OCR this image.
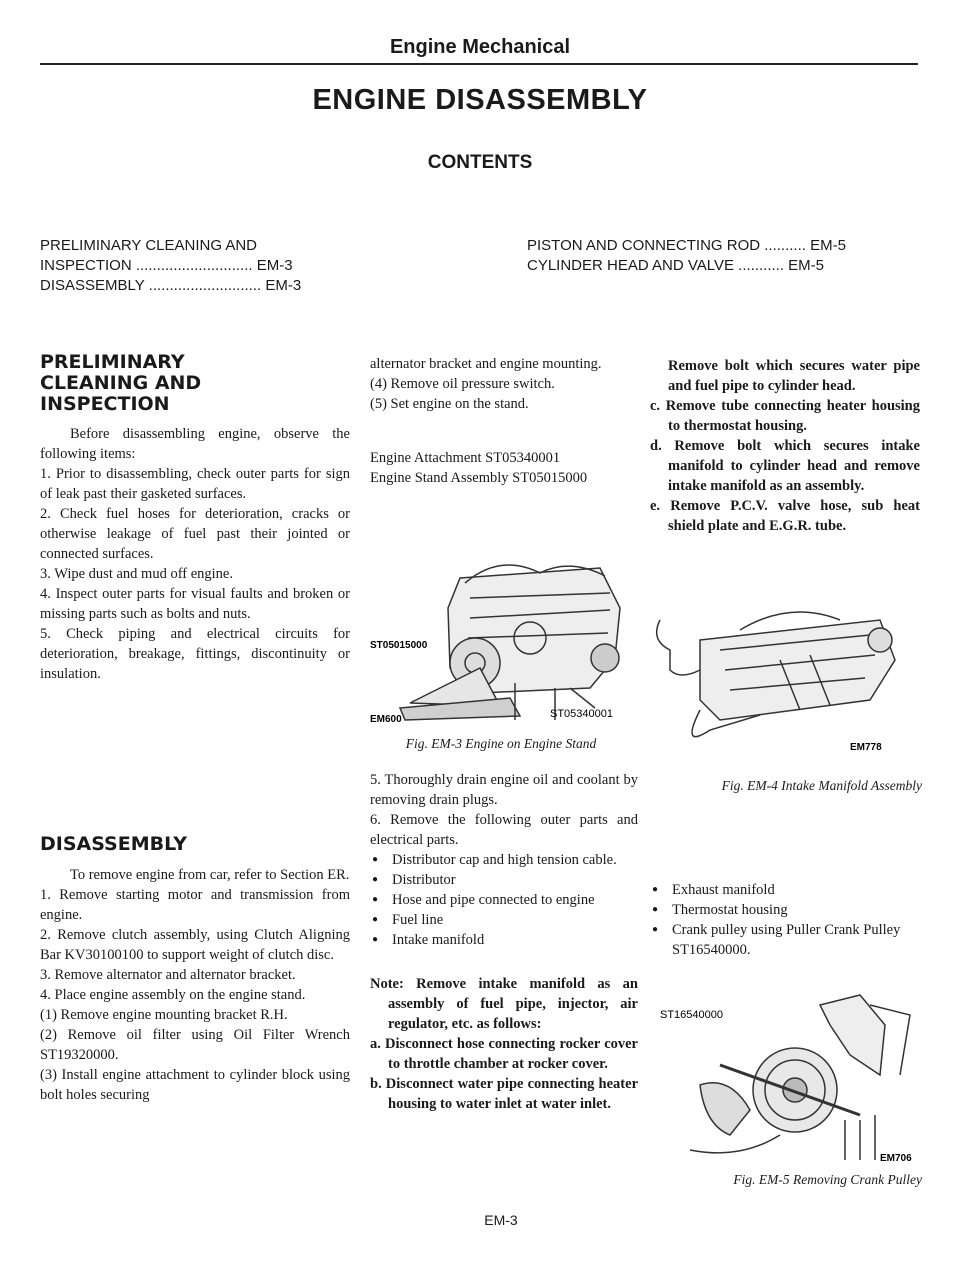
Engine Mechanical
ENGINE DISASSEMBLY
CONTENTS
PRELIMINARY CLEANING AND
INSPECTION ............................ EM-3
DISASSEMBLY ........................... EM-3
PISTON AND CONNECTING ROD .......... EM-5
CYLINDER HEAD AND VALVE ........... EM-5
PRELIMINARY
CLEANING AND
INSPECTION

Before disassembling engine, observe the following items:

1. Prior to disassembling, check outer parts for sign of leak past their gasketed surfaces.

2. Check fuel hoses for deterioration, cracks or otherwise leakage of fuel past their jointed or connected surfaces.

3. Wipe dust and mud off engine.

4. Inspect outer parts for visual faults and broken or missing parts such as bolts and nuts.

5. Check piping and electrical circuits for deterioration, breakage, fittings, discontinuity or insulation.

DISASSEMBLY

To remove engine from car, refer to Section ER.

1. Remove starting motor and transmission from engine.

2. Remove clutch assembly, using Clutch Aligning Bar KV30100100 to support weight of clutch disc.

3. Remove alternator and alternator bracket.

4. Place engine assembly on the engine stand.

(1) Remove engine mounting bracket R.H.

(2) Remove oil filter using Oil Filter Wrench ST19320000.

(3) Install engine attachment to cylinder block using bolt holes securing

alternator bracket and engine mounting.

(4) Remove oil pressure switch.

(5) Set engine on the stand.

Engine Attachment ST05340001

Engine Stand Assembly ST05015000

ST05015000
EM600	ST05340001
Fig. EM-3 Engine on Engine Stand

5. Thoroughly drain engine oil and coolant by removing drain plugs.

6. Remove the following outer parts and electrical parts.

● Distributor cap and high tension cable.
● Distributor
● Hose and pipe connected to engine
● Fuel line
● Intake manifold

Note: Remove intake manifold as an assembly of fuel pipe, injector, air regulator, etc. as follows:

a. Disconnect hose connecting rocker cover to throttle chamber at rocker cover.

b. Disconnect water pipe connecting heater housing to water inlet at water inlet.

EM-3

Remove bolt which secures water pipe and fuel pipe to cylinder head.

c. Remove tube connecting heater housing to thermostat housing.

d. Remove bolt which secures intake manifold to cylinder head and remove intake manifold as an assembly.

e. Remove P.C.V. valve hose, sub heat shield plate and E.G.R. tube.

EM778
Fig. EM-4 Intake Manifold Assembly
● Exhaust manifold
● Thermostat housing
● Crank pulley using Puller Crank Pulley ST16540000.
ST16540000
EM706
Fig. EM-5 Removing Crank Pulley
